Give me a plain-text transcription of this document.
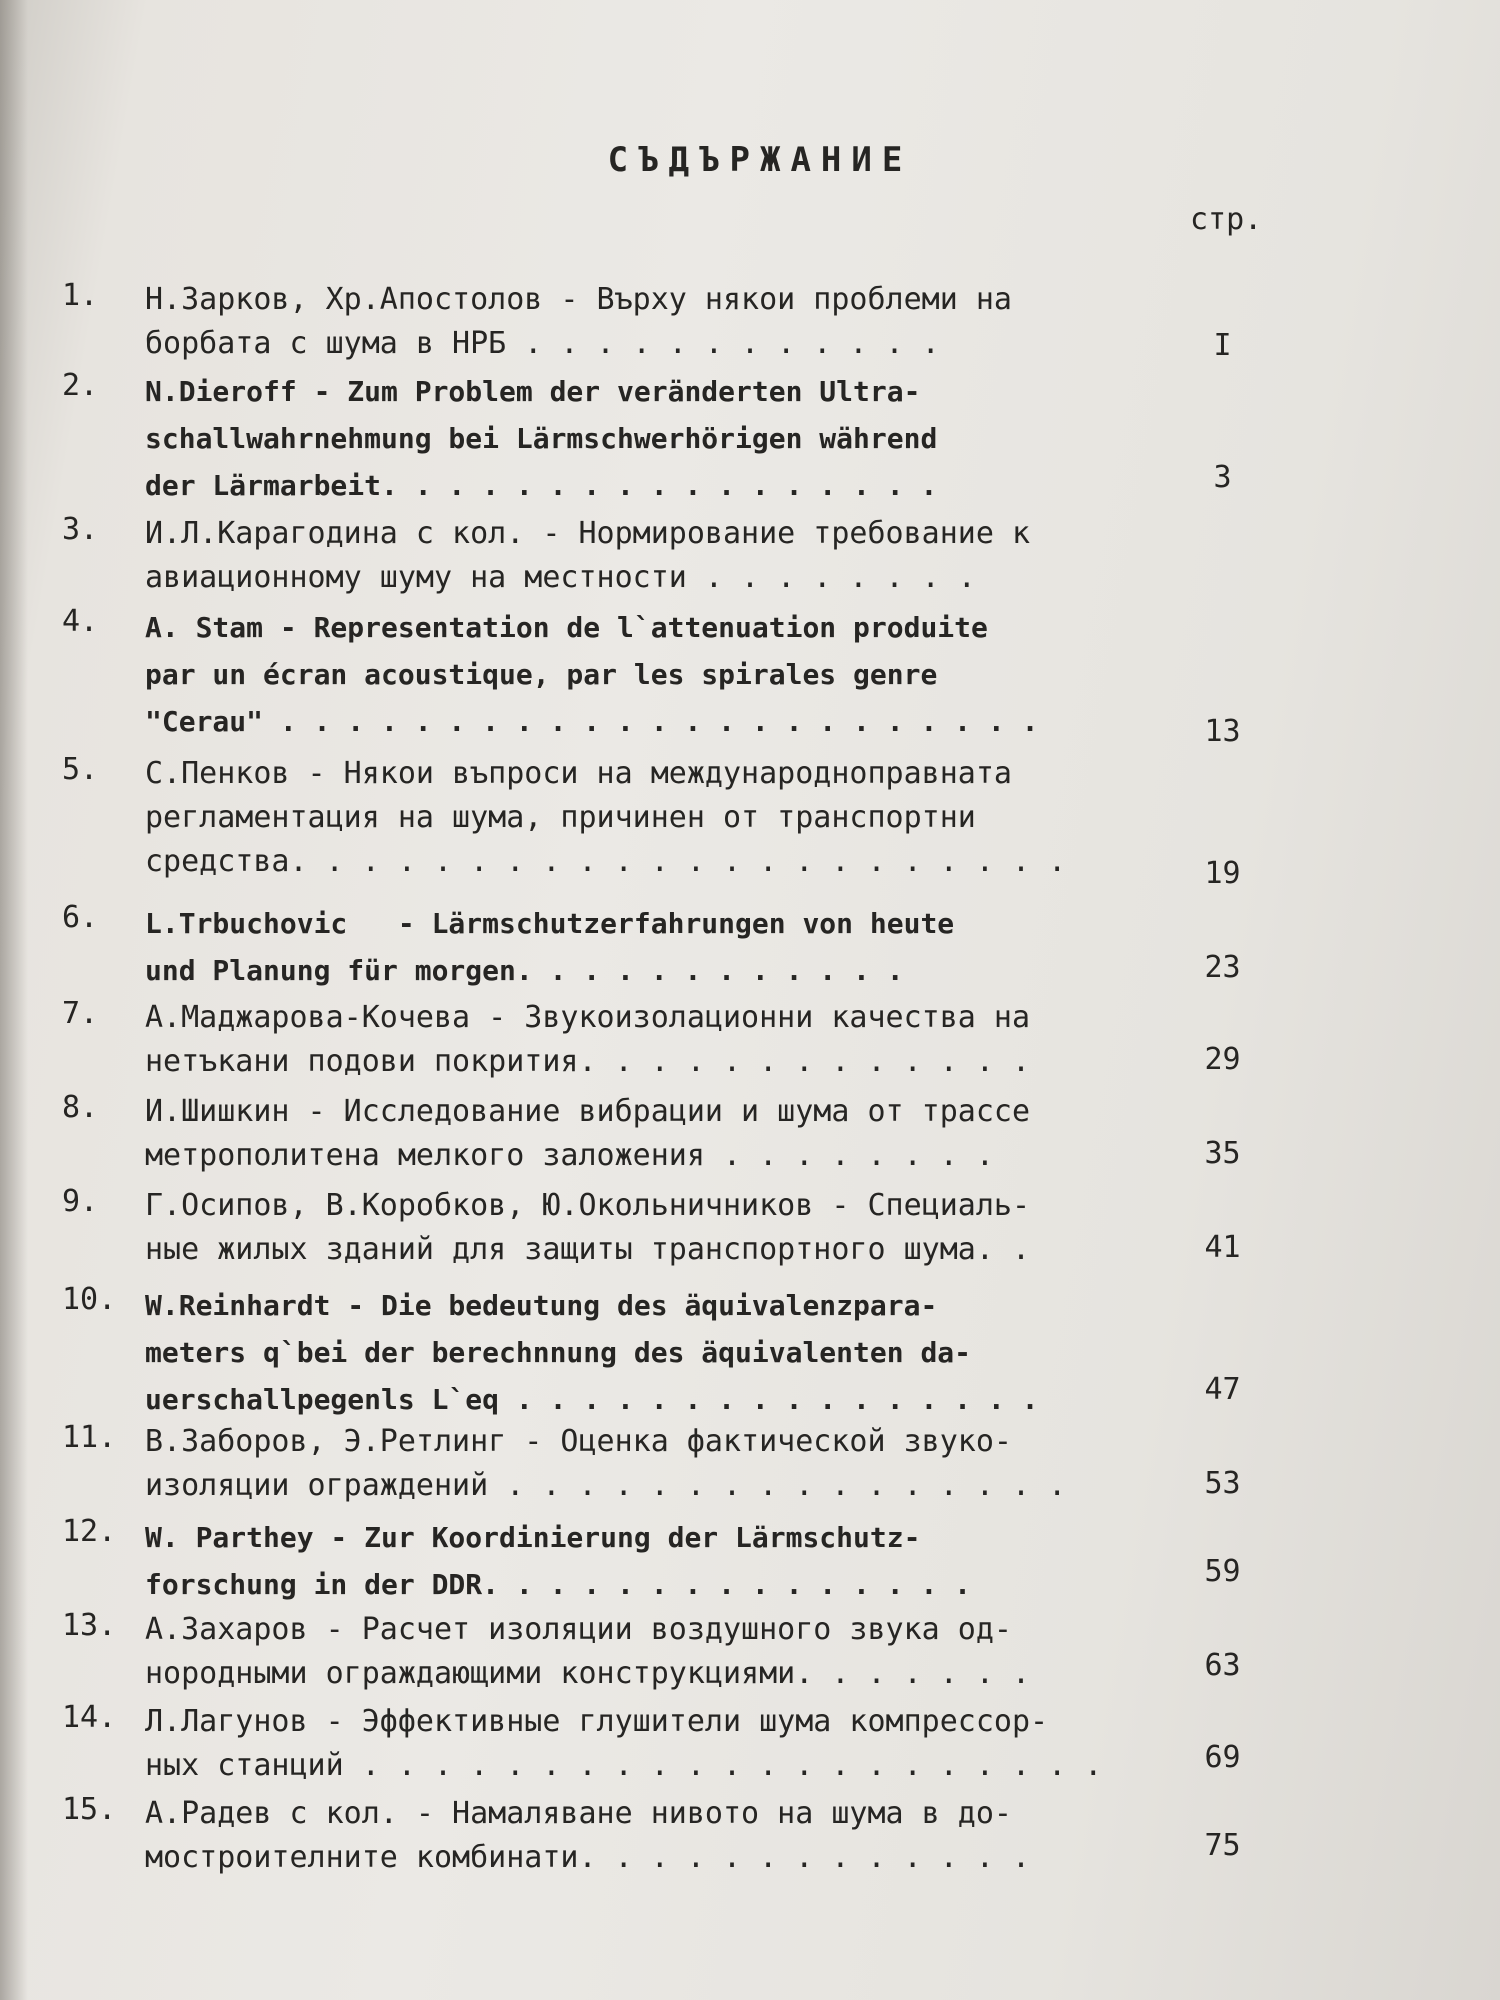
СЪДЪРЖАНИЕ
стр.
1.	Н.Зарков, Хр.Апостолов - Върху някои проблеми на
борбата с шума в НРБ . . . . . . . . . . . .	I
2.	N.Dieroff - Zum Problem der veränderten Ultra-
schallwahrnehmung bei Lärmschwerhörigen während
der Lärmarbeit. . . . . . . . . . . . . . . . .	3
3.	И.Л.Карагодина с кол. - Нормирование требование к
авиационному шуму на местности . . . . . . . .
4.	A. Stam - Representation de l`attenuation produite
par un écran acoustique, par les spirales genre
"Cerau" . . . . . . . . . . . . . . . . . . . . . . .	13
5.	С.Пенков - Някои въпроси на международноправната
регламентация на шума, причинен от транспортни
средства. . . . . . . . . . . . . . . . . . . . . .	19
6.	L.Trbuchovic   - Lärmschutzerfahrungen von heute
und Planung für morgen. . . . . . . . . . . .	23
7.	А.Маджарова-Кочева - Звукоизолационни качества на
нетъкани подови покрития. . . . . . . . . . . . .	29
8.	И.Шишкин - Исследование вибрации и шума от трассе
метрополитена мелкого заложения . . . . . . . .	35
9.	Г.Осипов, В.Коробков, Ю.Окольничников - Специаль-
ные жилых зданий для защиты транспортного шума. .	41
10.	W.Reinhardt - Die bedeutung des äquivalenzpara-
meters q`bei der berechnnung des äquivalenten da-
uerschallpegenls L`eq . . . . . . . . . . . . . . . .	47
11. В.Заборов, Э.Ретлинг - Оценка фактической звуко-
изоляции ограждений . . . . . . . . . . . . . . . .	53
12.	W. Parthey - Zur Koordinierung der Lärmschutz-
forschung in der DDR. . . . . . . . . . . . . . .	59
13. А.Захаров - Расчет изоляции воздушного звука од-
нородными ограждающими конструкциями. . . . . . .	63
14. Л.Лагунов - Эффективные глушители шума компрессор-
ных станций . . . . . . . . . . . . . . . . . . . . .	69
15. А.Радев с кол. - Намаляване нивото на шума в до-
мостроителните комбинати. . . . . . . . . . . . .	75
